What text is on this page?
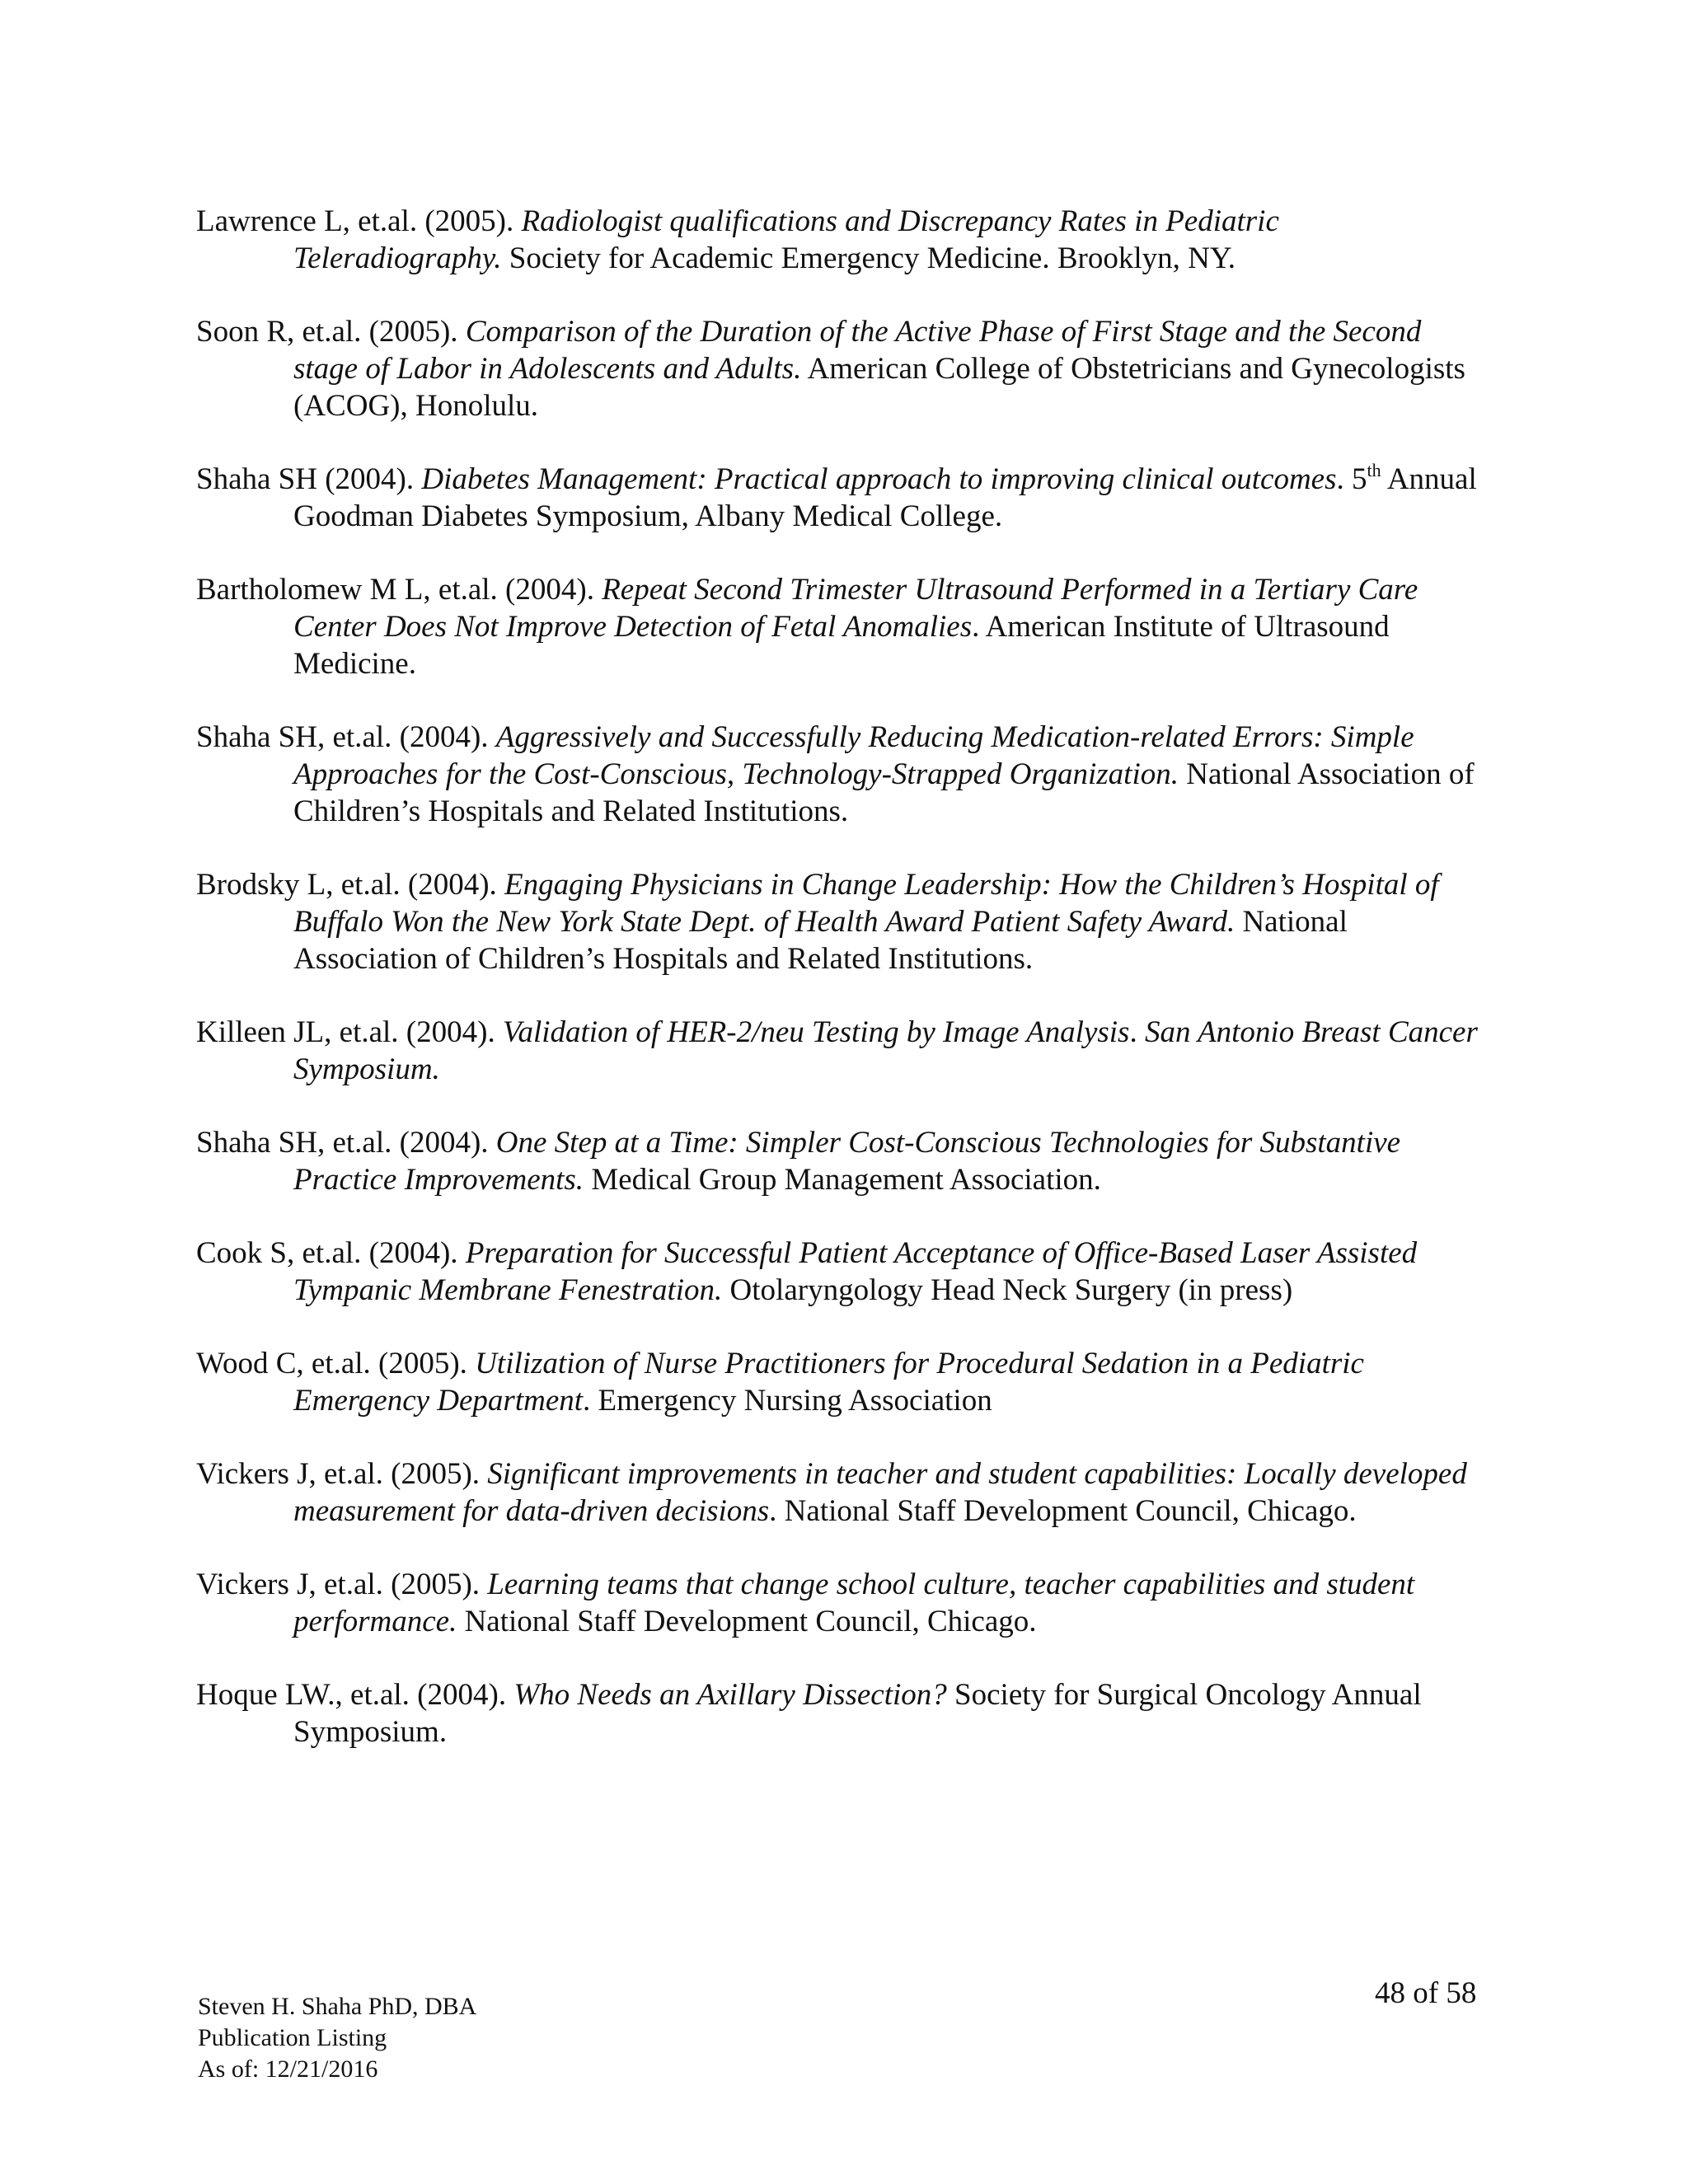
Lawrence L, et.al. (2005). Radiologist qualifications and Discrepancy Rates in Pediatric Teleradiography. Society for Academic Emergency Medicine. Brooklyn, NY.

Soon R, et.al. (2005). Comparison of the Duration of the Active Phase of First Stage and the Second stage of Labor in Adolescents and Adults. American College of Obstetricians and Gynecologists (ACOG), Honolulu.

Shaha SH (2004). Diabetes Management: Practical approach to improving clinical outcomes. 5th Annual Goodman Diabetes Symposium, Albany Medical College.

Bartholomew M L, et.al. (2004). Repeat Second Trimester Ultrasound Performed in a Tertiary Care Center Does Not Improve Detection of Fetal Anomalies. American Institute of Ultrasound Medicine.

Shaha SH, et.al. (2004). Aggressively and Successfully Reducing Medication-related Errors: Simple Approaches for the Cost-Conscious, Technology-Strapped Organization. National Association of Children’s Hospitals and Related Institutions.

Brodsky L, et.al. (2004). Engaging Physicians in Change Leadership: How the Children’s Hospital of Buffalo Won the New York State Dept. of Health Award Patient Safety Award. National Association of Children’s Hospitals and Related Institutions.

Killeen JL, et.al. (2004). Validation of HER-2/neu Testing by Image Analysis. San Antonio Breast Cancer Symposium.

Shaha SH, et.al. (2004). One Step at a Time: Simpler Cost-Conscious Technologies for Substantive Practice Improvements. Medical Group Management Association.

Cook S, et.al. (2004). Preparation for Successful Patient Acceptance of Office-Based Laser Assisted Tympanic Membrane Fenestration. Otolaryngology Head Neck Surgery (in press)

Wood C, et.al. (2005). Utilization of Nurse Practitioners for Procedural Sedation in a Pediatric Emergency Department. Emergency Nursing Association

Vickers J, et.al. (2005). Significant improvements in teacher and student capabilities: Locally developed measurement for data-driven decisions. National Staff Development Council, Chicago.

Vickers J, et.al. (2005). Learning teams that change school culture, teacher capabilities and student performance. National Staff Development Council, Chicago.

Hoque LW., et.al. (2004). Who Needs an Axillary Dissection? Society for Surgical Oncology Annual Symposium.

48 of 58
Steven H. Shaha PhD, DBA
Publication Listing
As of: 12/21/2016
